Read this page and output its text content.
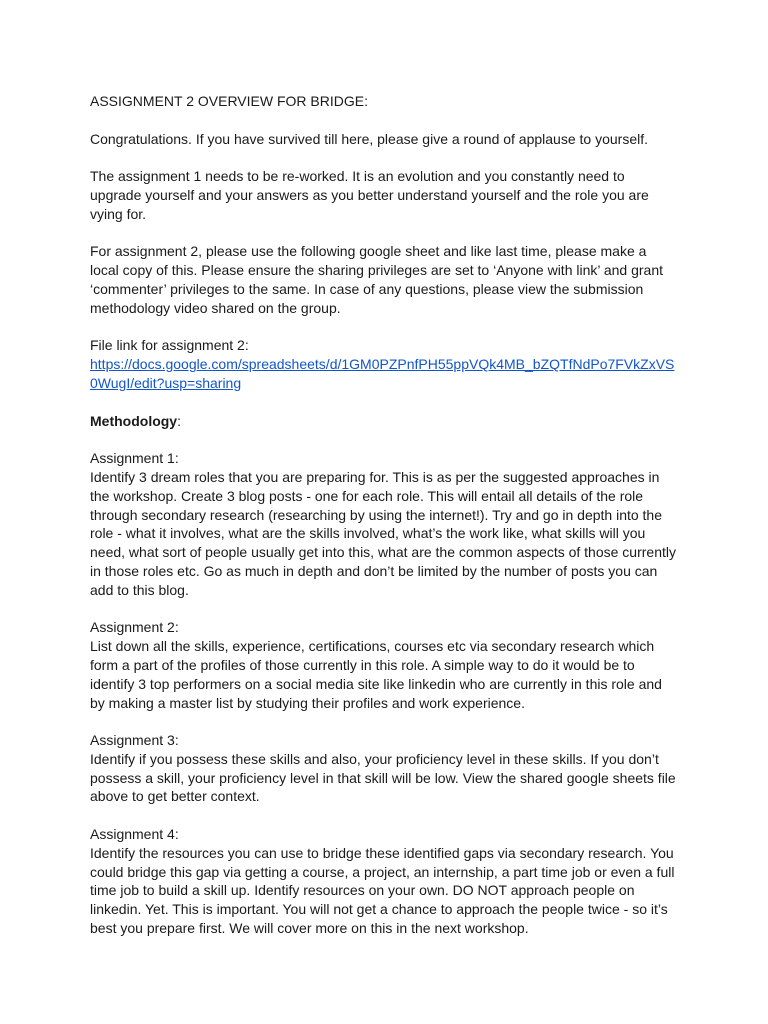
ASSIGNMENT 2 OVERVIEW FOR BRIDGE:

Congratulations. If you have survived till here, please give a round of applause to yourself.

The assignment 1 needs to be re-worked. It is an evolution and you constantly need to upgrade yourself and your answers as you better understand yourself and the role you are vying for.

For assignment 2, please use the following google sheet and like last time, please make a local copy of this. Please ensure the sharing privileges are set to ‘Anyone with link’ and grant ‘commenter’ privileges to the same. In case of any questions, please view the submission methodology video shared on the group.

File link for assignment 2:
https://docs.google.com/spreadsheets/d/1GM0PZPnfPH55ppVQk4MB_bZQTfNdPo7FVkZxVS0WugI/edit?usp=sharing

Methodology:

Assignment 1:
Identify 3 dream roles that you are preparing for. This is as per the suggested approaches in the workshop. Create 3 blog posts - one for each role. This will entail all details of the role through secondary research (researching by using the internet!). Try and go in depth into the role - what it involves, what are the skills involved, what’s the work like, what skills will you need, what sort of people usually get into this, what are the common aspects of those currently in those roles etc. Go as much in depth and don’t be limited by the number of posts you can add to this blog.
Assignment 2:
List down all the skills, experience, certifications, courses etc via secondary research which form a part of the profiles of those currently in this role. A simple way to do it would be to identify 3 top performers on a social media site like linkedin who are currently in this role and by making a master list by studying their profiles and work experience.
Assignment 3:
Identify if you possess these skills and also, your proficiency level in these skills. If you don’t possess a skill, your proficiency level in that skill will be low. View the shared google sheets file above to get better context.
Assignment 4:
Identify the resources you can use to bridge these identified gaps via secondary research. You could bridge this gap via getting a course, a project, an internship, a part time job or even a full time job to build a skill up. Identify resources on your own. DO NOT approach people on linkedin. Yet. This is important. You will not get a chance to approach the people twice - so it’s best you prepare first. We will cover more on this in the next workshop.
